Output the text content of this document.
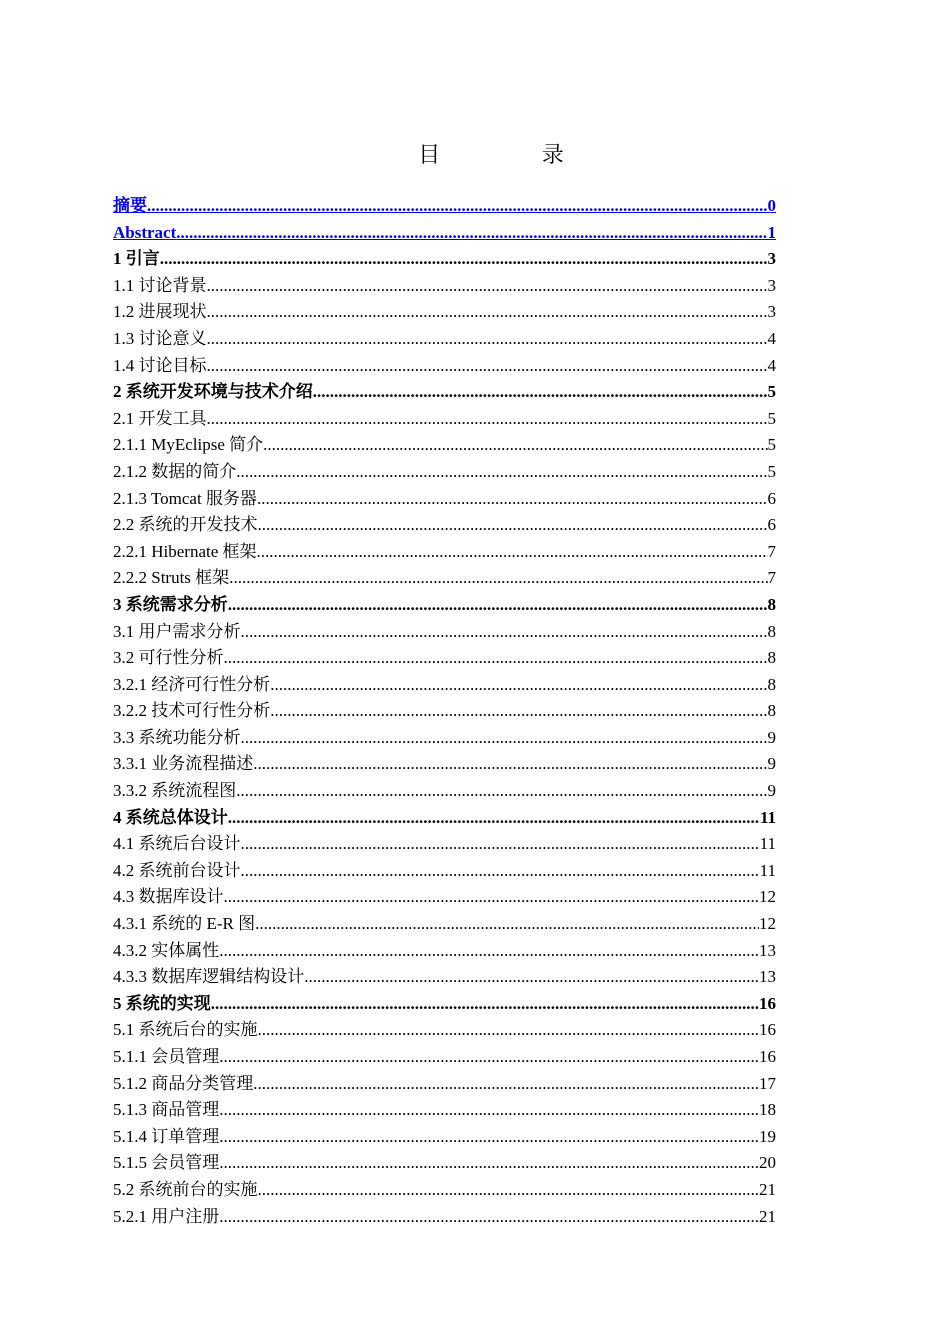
目 录
摘要 .....	0
Abstract .....	1
1 引言 .....	3
1.1 讨论背景 .....	3
1.2 进展现状 .....	3
1.3 讨论意义 .....	4
1.4 讨论目标 .....	4
2 系统开发环境与技术介绍 .....	5
2.1 开发工具 .....	5
2.1.1 MyEclipse 简介 .....	5
2.1.2 数据的简介 .....	5
2.1.3 Tomcat 服务器 .....	6
2.2 系统的开发技术 .....	6
2.2.1 Hibernate 框架 .....	7
2.2.2 Struts 框架 .....	7
3 系统需求分析 .....	8
3.1 用户需求分析 .....	8
3.2 可行性分析 .....	8
3.2.1 经济可行性分析 .....	8
3.2.2 技术可行性分析 .....	8
3.3 系统功能分析 .....	9
3.3.1 业务流程描述 .....	9
3.3.2 系统流程图 .....	9
4 系统总体设计 .....	11
4.1 系统后台设计 .....	11
4.2 系统前台设计 .....	11
4.3 数据库设计 .....	12
4.3.1 系统的 E-R 图 .....	12
4.3.2 实体属性 .....	13
4.3.3 数据库逻辑结构设计 .....	13
5 系统的实现 .....	16
5.1 系统后台的实施 .....	16
5.1.1 会员管理 .....	16
5.1.2 商品分类管理 .....	17
5.1.3 商品管理 .....	18
5.1.4 订单管理 .....	19
5.1.5 会员管理 .....	20
5.2 系统前台的实施 .....	21
5.2.1 用户注册 .....	21
